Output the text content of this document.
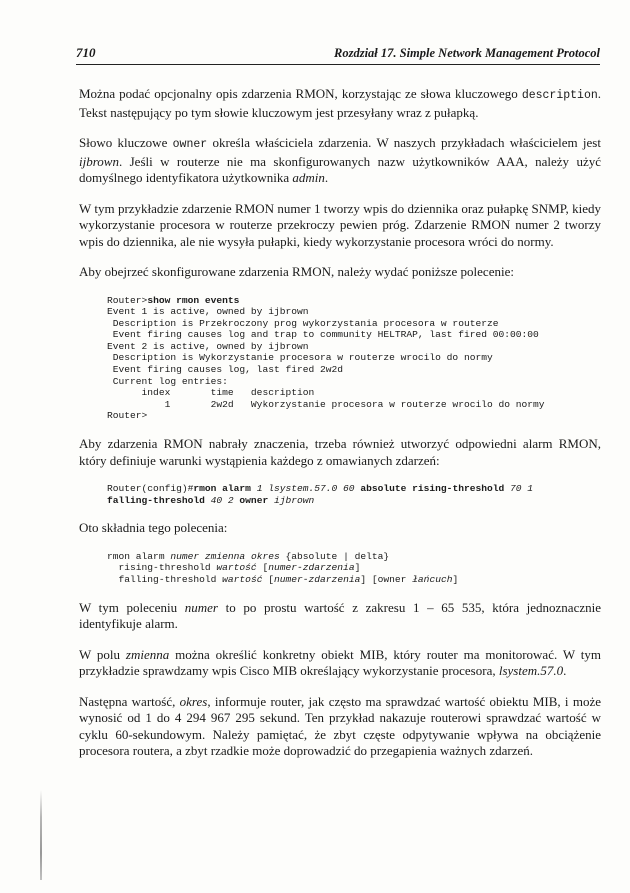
710	Rozdział 17. Simple Network Management Protocol

Można podać opcjonalny opis zdarzenia RMON, korzystając ze słowa kluczowego description. Tekst następujący po tym słowie kluczowym jest przesyłany wraz z pułapką.

Słowo kluczowe owner określa właściciela zdarzenia. W naszych przykładach właścicielem jest ijbrown. Jeśli w routerze nie ma skonfigurowanych nazw użytkowników AAA, należy użyć domyślnego identyfikatora użytkownika admin.

W tym przykładzie zdarzenie RMON numer 1 tworzy wpis do dziennika oraz pułapkę SNMP, kiedy wykorzystanie procesora w routerze przekroczy pewien próg. Zdarzenie RMON numer 2 tworzy wpis do dziennika, ale nie wysyła pułapki, kiedy wykorzystanie procesora wróci do normy.

Aby obejrzeć skonfigurowane zdarzenia RMON, należy wydać poniższe polecenie:

Router>show rmon events
Event 1 is active, owned by ijbrown
Description is Przekroczony prog wykorzystania procesora w routerze
Event firing causes log and trap to community HELTRAP, last fired 00:00:00
Event 2 is active, owned by ijbrown
Description is Wykorzystanie procesora w routerze wrocilo do normy
Event firing causes log, last fired 2w2d
Current log entries:
index       time   description
1       2w2d   Wykorzystanie procesora w routerze wrocilo do normy
Router>

Aby zdarzenia RMON nabrały znaczenia, trzeba również utworzyć odpowiedni alarm RMON, który definiuje warunki wystąpienia każdego z omawianych zdarzeń:

Router(config)#rmon alarm 1 lsystem.57.0 60 absolute rising-threshold 70 1
falling-threshold 40 2 owner ijbrown

Oto składnia tego polecenia:

rmon alarm numer zmienna okres {absolute | delta}
rising-threshold wartość [numer-zdarzenia]
falling-threshold wartość [numer-zdarzenia] [owner łańcuch]

W tym poleceniu numer to po prostu wartość z zakresu 1 – 65 535, która jednoznacznie identyfikuje alarm.

W polu zmienna można określić konkretny obiekt MIB, który router ma monitorować. W tym przykładzie sprawdzamy wpis Cisco MIB określający wykorzystanie procesora, lsystem.57.0.

Następna wartość, okres, informuje router, jak często ma sprawdzać wartość obiektu MIB, i może wynosić od 1 do 4 294 967 295 sekund. Ten przykład nakazuje routerowi sprawdzać wartość w cyklu 60-sekundowym. Należy pamiętać, że zbyt częste odpytywanie wpływa na obciążenie procesora routera, a zbyt rzadkie może doprowadzić do przegapienia ważnych zdarzeń.
